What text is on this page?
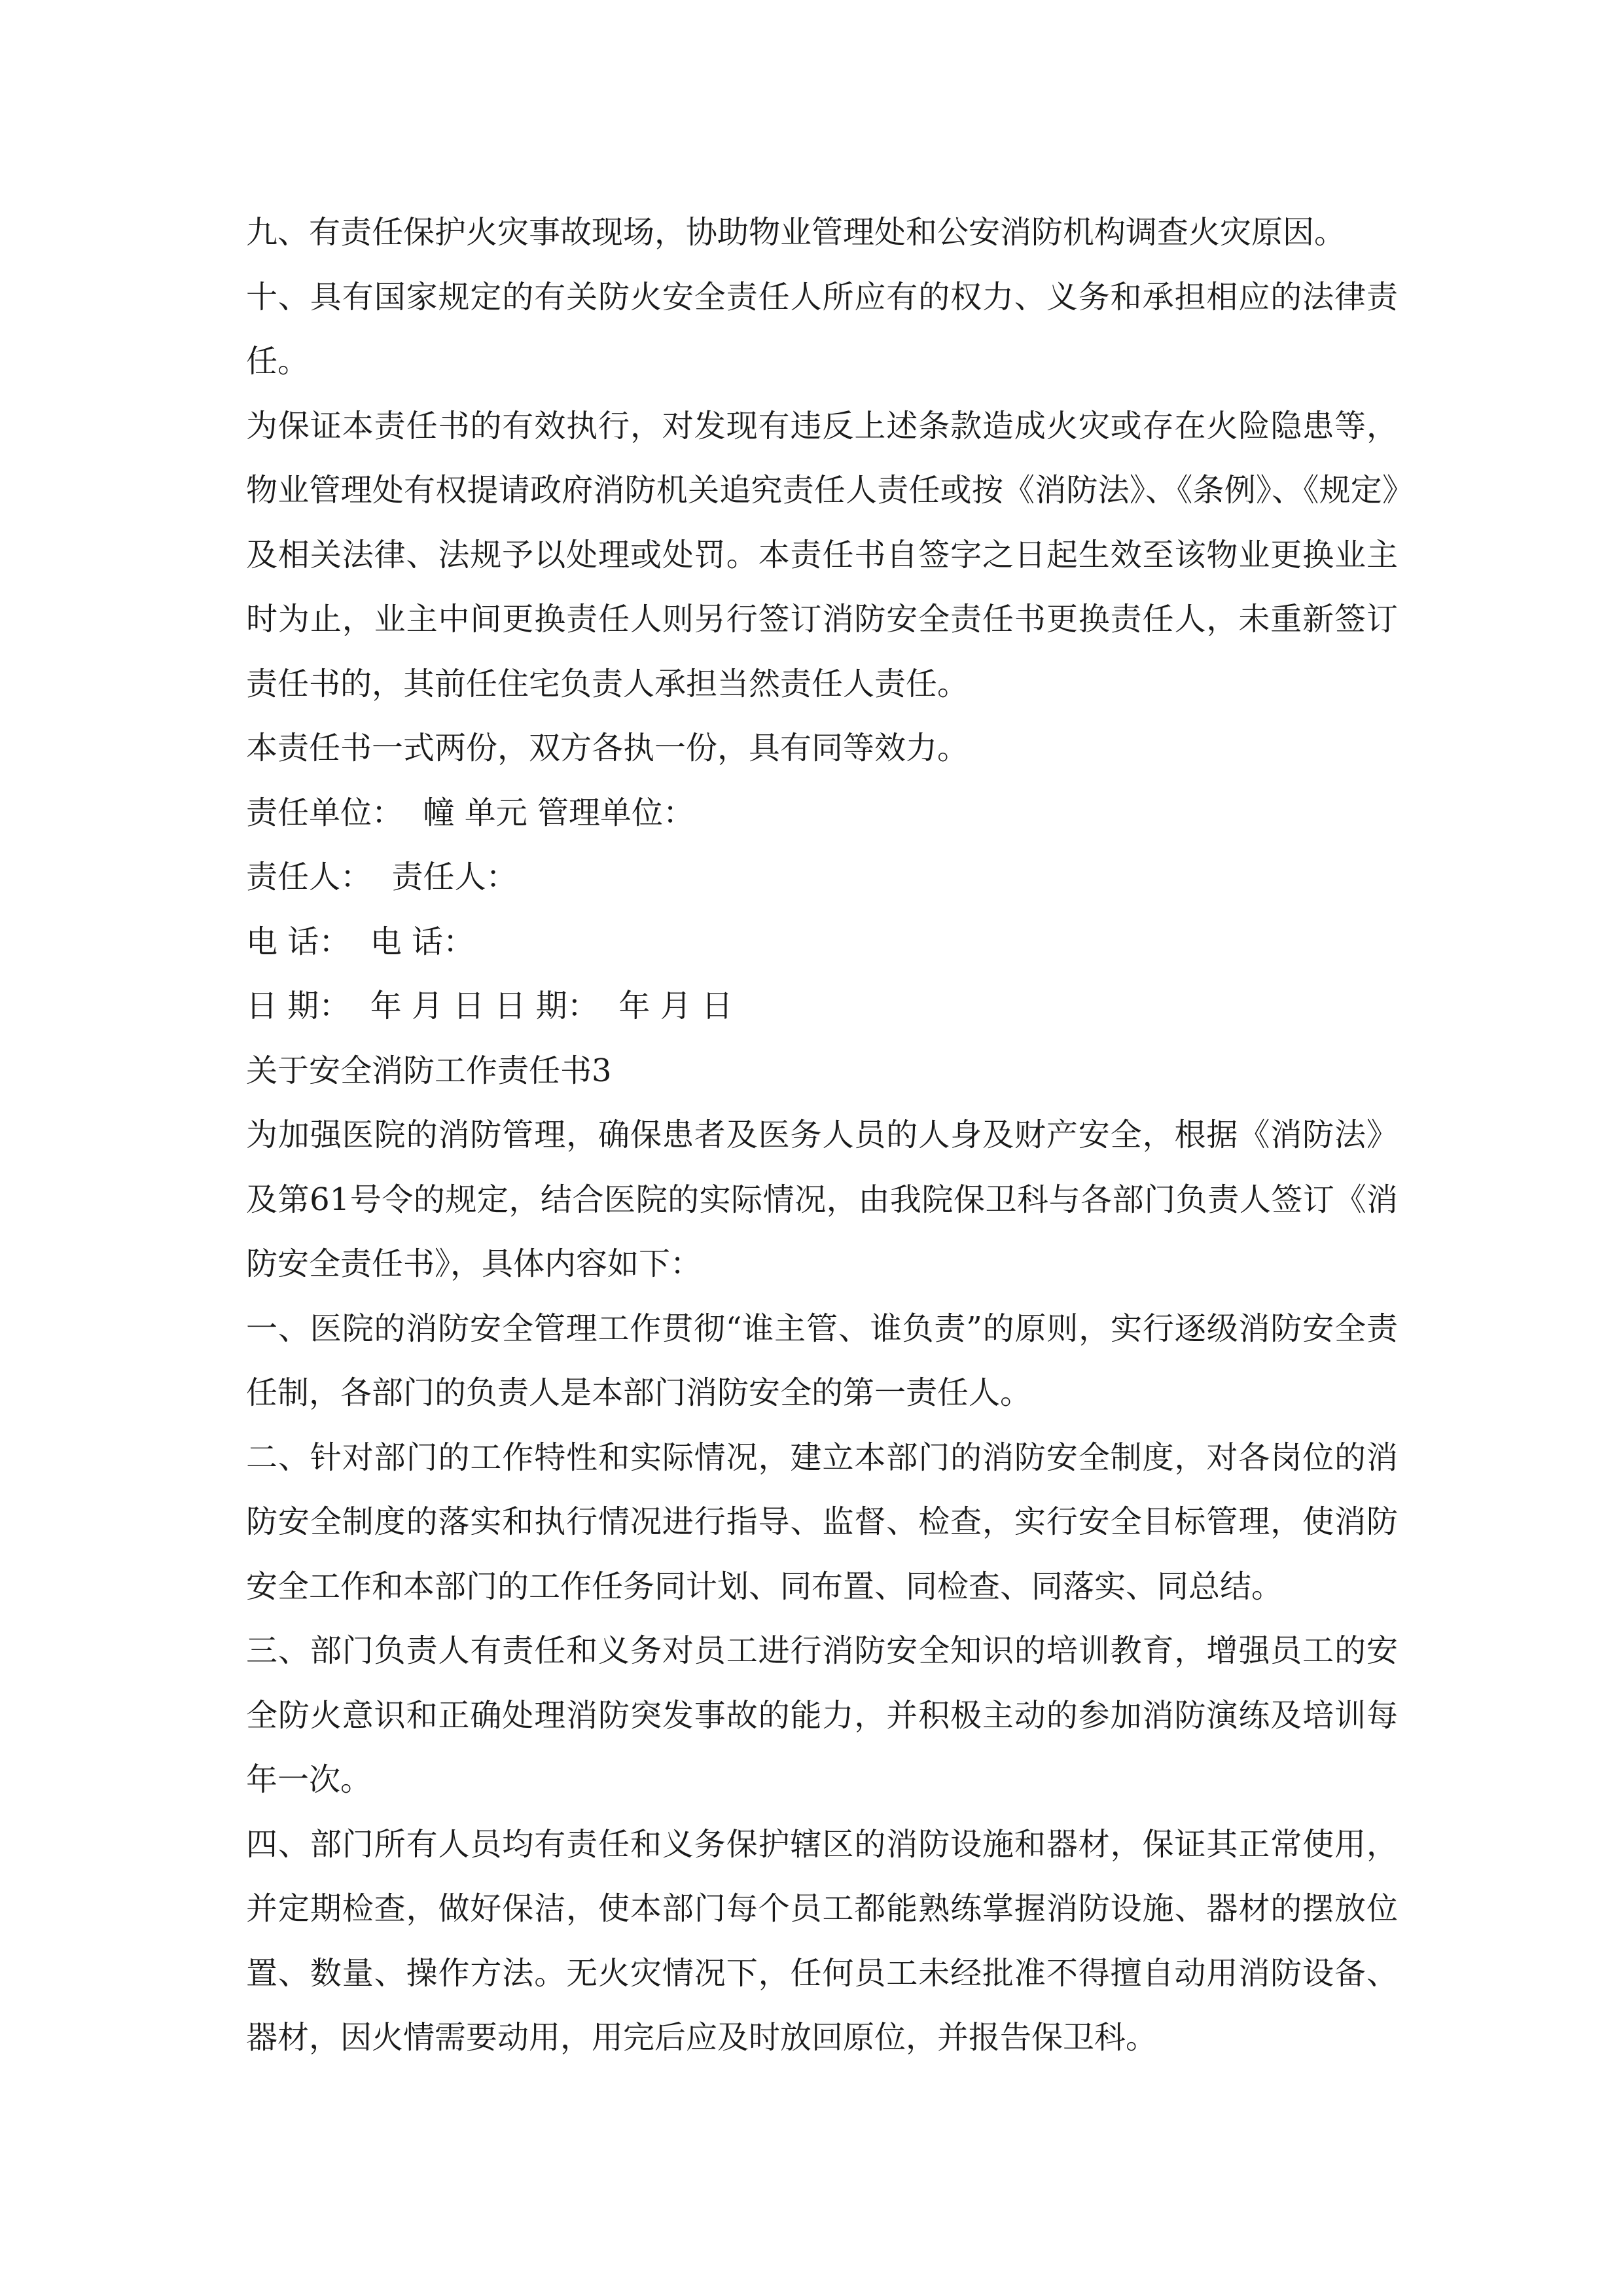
九、有责任保护火灾事故现场，协助物业管理处和公安消防机构调查火灾原因。

十、具有国家规定的有关防火安全责任人所应有的权力、义务和承担相应的法律责任。

为保证本责任书的有效执行，对发现有违反上述条款造成火灾或存在火险隐患等，物业管理处有权提请政府消防机关追究责任人责任或按《消防法》、《条例》、《规定》及相关法律、法规予以处理或处罚。本责任书自签字之日起生效至该物业更换业主时为止，业主中间更换责任人则另行签订消防安全责任书更换责任人，未重新签订责任书的，其前任住宅负责人承担当然责任人责任。

本责任书一式两份，双方各执一份，具有同等效力。

责任单位：  幢 单元 管理单位：

责任人：  责任人：

电 话：  电 话：

日 期：  年 月 日 日 期：  年 月 日

关于安全消防工作责任书3

为加强医院的消防管理，确保患者及医务人员的人身及财产安全，根据《消防法》及第61号令的规定，结合医院的实际情况，由我院保卫科与各部门负责人签订《消防安全责任书》，具体内容如下：

一、医院的消防安全管理工作贯彻“谁主管、谁负责”的原则，实行逐级消防安全责任制，各部门的负责人是本部门消防安全的第一责任人。

二、针对部门的工作特性和实际情况，建立本部门的消防安全制度，对各岗位的消防安全制度的落实和执行情况进行指导、监督、检查，实行安全目标管理，使消防安全工作和本部门的工作任务同计划、同布置、同检查、同落实、同总结。

三、部门负责人有责任和义务对员工进行消防安全知识的培训教育，增强员工的安全防火意识和正确处理消防突发事故的能力，并积极主动的参加消防演练及培训每年一次。

四、部门所有人员均有责任和义务保护辖区的消防设施和器材，保证其正常使用，并定期检查，做好保洁，使本部门每个员工都能熟练掌握消防设施、器材的摆放位置、数量、操作方法。无火灾情况下，任何员工未经批准不得擅自动用消防设备、器材，因火情需要动用，用完后应及时放回原位，并报告保卫科。
